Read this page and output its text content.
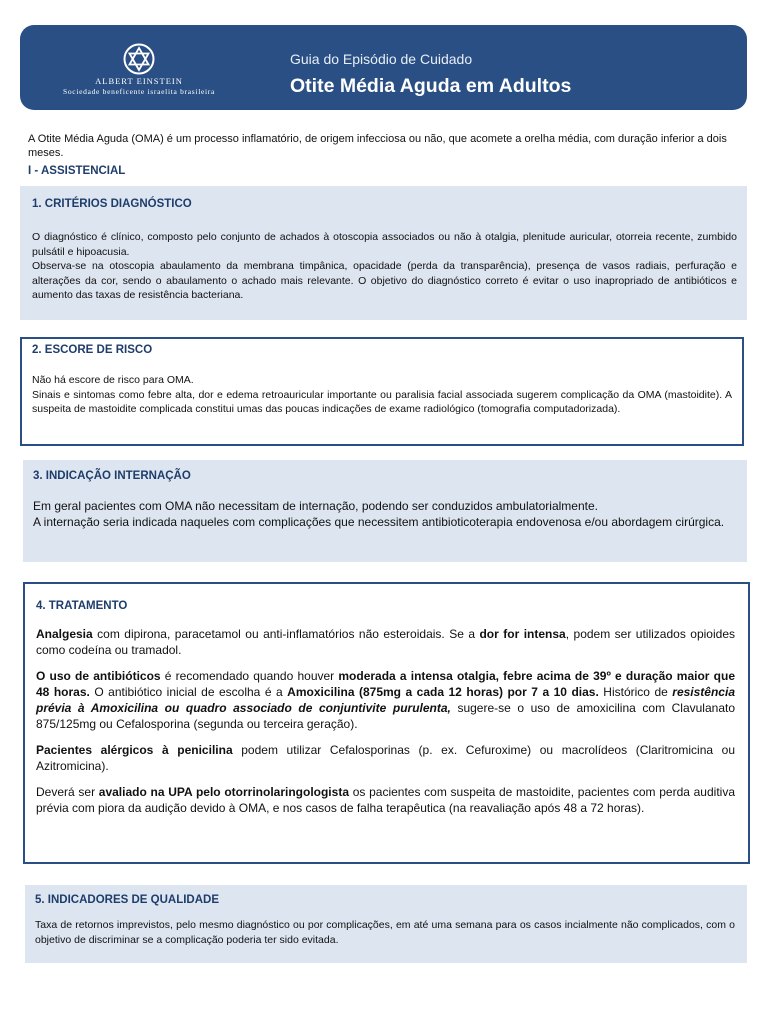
ALBERT EINSTEIN
Sociedade beneficente israelita brasileira
Guia do Episódio de Cuidado
Otite Média Aguda em Adultos
A Otite Média Aguda (OMA) é um processo inflamatório, de origem infecciosa ou não, que acomete a orelha média, com duração inferior a dois meses.
I - ASSISTENCIAL
1. CRITÉRIOS DIAGNÓSTICO

O diagnóstico é clínico, composto pelo conjunto de achados à otoscopia associados ou não à otalgia, plenitude auricular, otorreia recente, zumbido pulsátil e hipoacusia.

Observa-se na otoscopia abaulamento da membrana timpânica, opacidade (perda da transparência), presença de vasos radiais, perfuração e alterações da cor, sendo o abaulamento o achado mais relevante. O objetivo do diagnóstico correto é evitar o uso inapropriado de antibióticos e aumento das taxas de resistência bacteriana.

2. ESCORE DE RISCO

Não há escore de risco para OMA.

Sinais e sintomas como febre alta, dor e edema retroauricular importante ou paralisia facial associada sugerem complicação da OMA (mastoidite). A suspeita de mastoidite complicada constitui umas das poucas indicações de exame radiológico (tomografia computadorizada).

3. INDICAÇÃO INTERNAÇÃO

Em geral pacientes com OMA não necessitam de internação, podendo ser conduzidos ambulatorialmente.

A internação seria indicada naqueles com complicações que necessitem antibioticoterapia endovenosa e/ou abordagem cirúrgica.

4. TRATAMENTO

Analgesia com dipirona, paracetamol ou anti-inflamatórios não esteroidais. Se a dor for intensa, podem ser utilizados opioides como codeína ou tramadol.

O uso de antibióticos é recomendado quando houver moderada a intensa otalgia, febre acima de 39º e duração maior que 48 horas. O antibiótico inicial de escolha é a Amoxicilina (875mg a cada 12 horas) por 7 a 10 dias. Histórico de resistência prévia à Amoxicilina ou quadro associado de conjuntivite purulenta, sugere-se o uso de amoxicilina com Clavulanato 875/125mg ou Cefalosporina (segunda ou terceira geração).

Pacientes alérgicos à penicilina podem utilizar Cefalosporinas (p. ex. Cefuroxime) ou macrolídeos (Claritromicina ou Azitromicina).

Deverá ser avaliado na UPA pelo otorrinolaringologista os pacientes com suspeita de mastoidite, pacientes com perda auditiva prévia com piora da audição devido à OMA, e nos casos de falha terapêutica (na reavaliação após 48 a 72 horas).

5. INDICADORES DE QUALIDADE

Taxa de retornos imprevistos, pelo mesmo diagnóstico ou por complicações, em até uma semana para os casos incialmente não complicados, com o objetivo de discriminar se a complicação poderia ter sido evitada.
